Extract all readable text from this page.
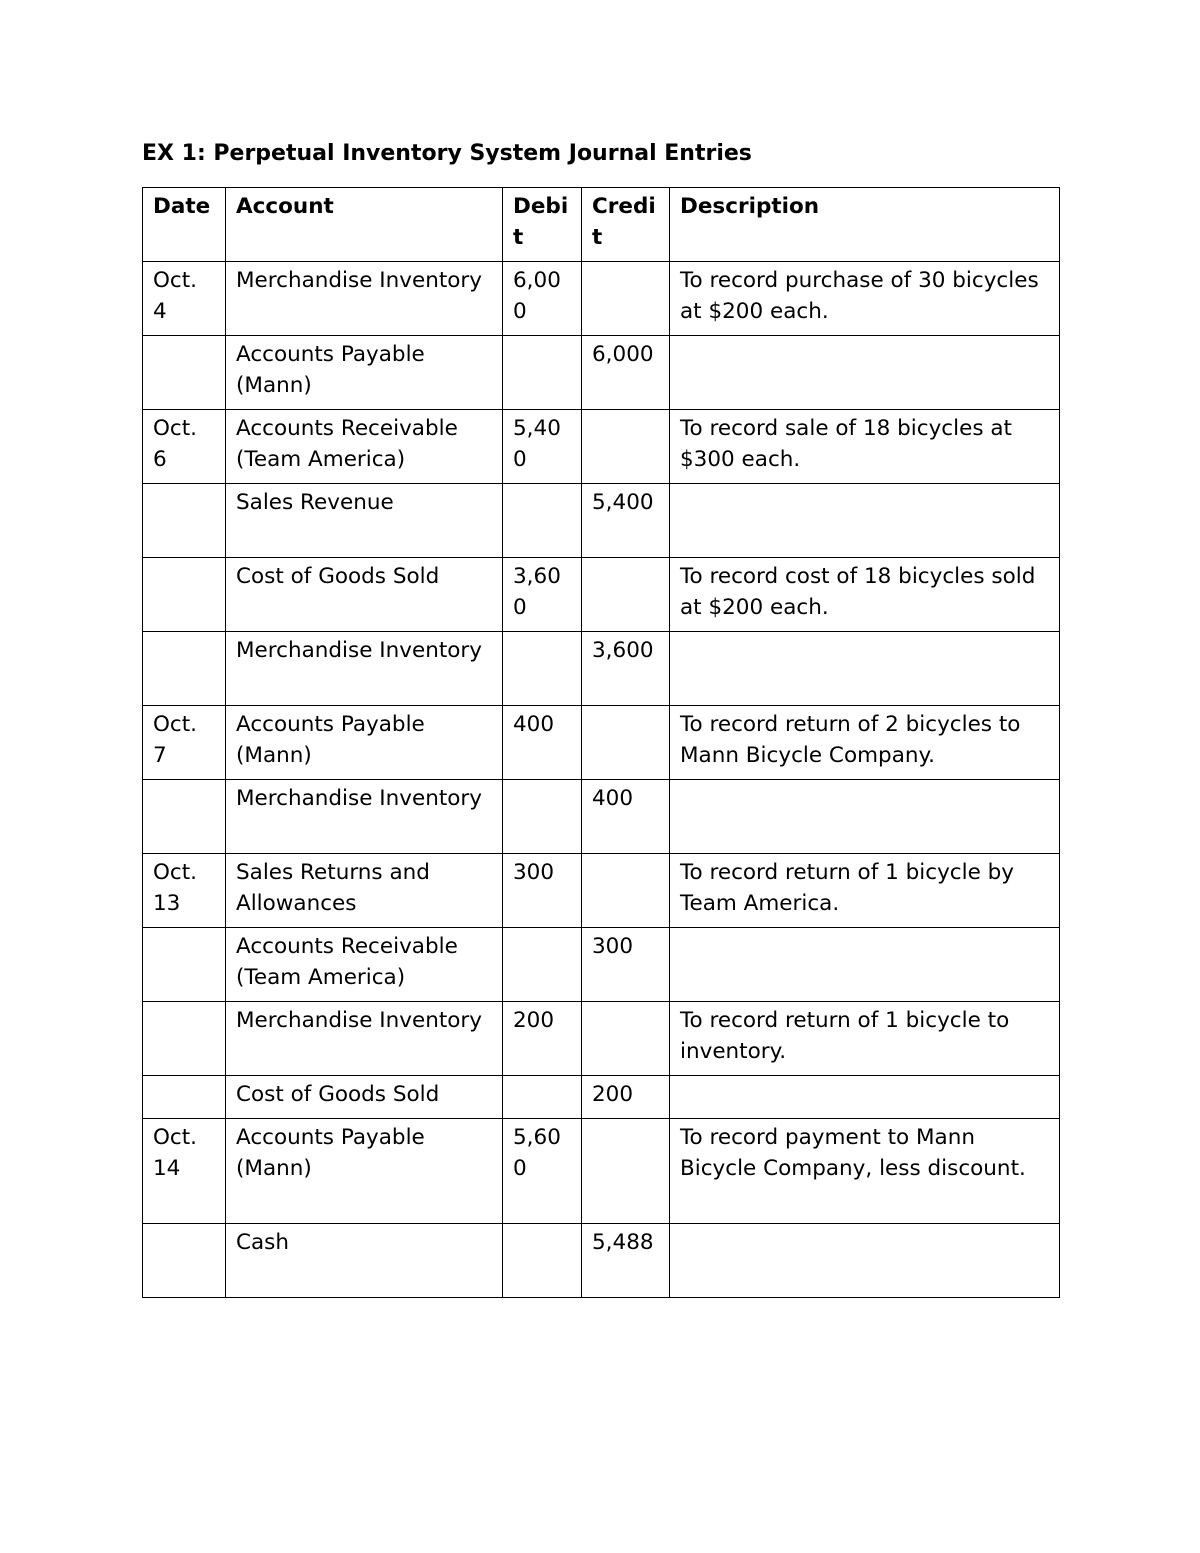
EX 1: Perpetual Inventory System Journal Entries
Date	Account	Debit	Credit	Description
Oct. 4	Merchandise Inventory	6,000		To record purchase of 30 bicycles at $200 each.
	Accounts Payable (Mann)		6,000	
Oct. 6	Accounts Receivable (Team America)	5,400		To record sale of 18 bicycles at $300 each.
	Sales Revenue		5,400	
	Cost of Goods Sold	3,600		To record cost of 18 bicycles sold at $200 each.
	Merchandise Inventory		3,600	
Oct. 7	Accounts Payable (Mann)	400		To record return of 2 bicycles to Mann Bicycle Company.
	Merchandise Inventory		400	
Oct. 13	Sales Returns and Allowances	300		To record return of 1 bicycle by Team America.
	Accounts Receivable (Team America)		300	
	Merchandise Inventory	200		To record return of 1 bicycle to inventory.
	Cost of Goods Sold		200	
Oct. 14	Accounts Payable (Mann)	5,600		To record payment to Mann Bicycle Company, less discount.
	Cash		5,488	
